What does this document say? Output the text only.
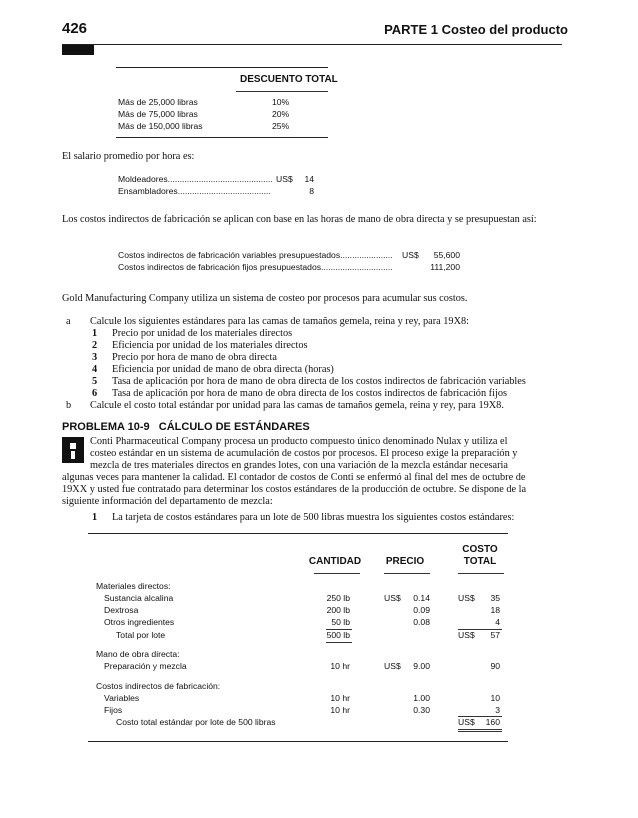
426	PARTE 1 Costeo del producto
DESCUENTO TOTAL
Más de 25,000 libras	10%
Más de 75,000 libras	20%
Más de 150,000 libras	25%
El salario promedio por hora es:
Moldeadores............................................ US$	14
Ensambladores.......................................	8
Los costos indirectos de fabricación se aplican con base en las horas de mano de obra directa y se presupuestan así:
Costos indirectos de fabricación variables presupuestados...................... US$	55,600
Costos indirectos de fabricación fijos presupuestados..............................	111,200
Gold Manufacturing Company utiliza un sistema de costeo por procesos para acumular sus costos.
a Calcule los siguientes estándares para las camas de tamaños gemela, reina y rey, para 19X8:
1 Precio por unidad de los materiales directos
2 Eficiencia por unidad de los materiales directos
3 Precio por hora de mano de obra directa
4 Eficiencia por unidad de mano de obra directa (horas)
5 Tasa de aplicación por hora de mano de obra directa de los costos indirectos de fabricación variables
6 Tasa de aplicación por hora de mano de obra directa de los costos indirectos de fabricación fijos
b Calcule el costo total estándar por unidad para las camas de tamaños gemela, reina y rey, para 19X8.
PROBLEMA 10-9   CÁLCULO DE ESTÁNDARES
Conti Pharmaceutical Company procesa un producto compuesto único denominado Nulax y utiliza el
costeo estándar en un sistema de acumulación de costos por procesos. El proceso exige la preparación y
mezcla de tres materiales directos en grandes lotes, con una variación de la mezcla estándar necesaria
algunas veces para mantener la calidad. El contador de costos de Conti se enfermó al final del mes de octubre de
19XX y usted fue contratado para determinar los costos estándares de la producción de octubre. Se dispone de la
siguiente información del departamento de mezcla:
1 La tarjeta de costos estándares para un lote de 500 libras muestra los siguientes costos estándares:
CANTIDAD	PRECIO
COSTO
TOTAL
Materiales directos:
Sustancia alcalina	250 lb	US$	0.14	US$	35
Dextrosa	200 lb	0.09	18
Otros ingredientes	50 lb	0.08	4
Total por lote	500 lb	US$	57
Mano de obra directa:
Preparación y mezcla	10 hr	US$	9.00	90
Costos indirectos de fabricación:
Variables	10 hr	1.00	10
Fijos	10 hr	0.30	3
Costo total estándar por lote de 500 libras	US$	160
